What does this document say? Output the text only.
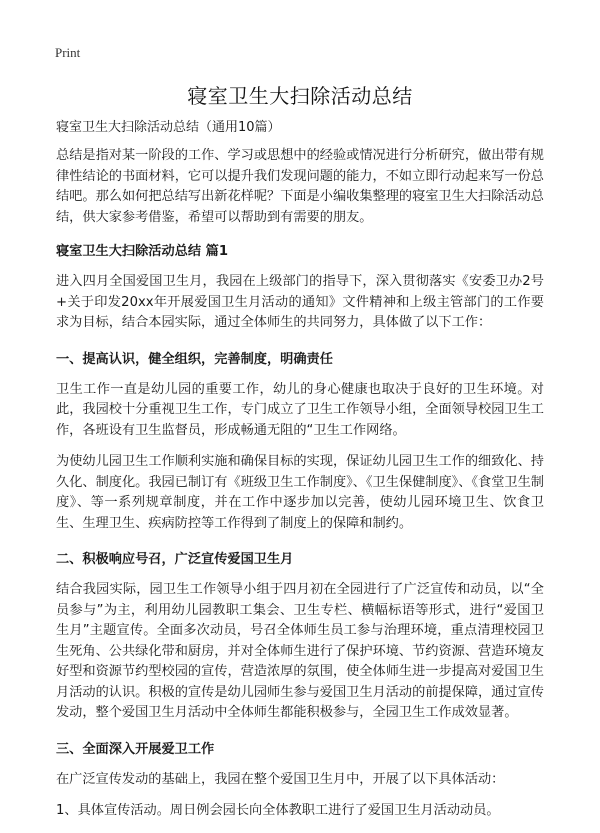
Print
寝室卫生大扫除活动总结
寝室卫生大扫除活动总结（通用10篇）

总结是指对某一阶段的工作、学习或思想中的经验或情况进行分析研究，做出带有规律性结论的书面材料，它可以提升我们发现问题的能力，不如立即行动起来写一份总结吧。那么如何把总结写出新花样呢？下面是小编收集整理的寝室卫生大扫除活动总结，供大家参考借鉴，希望可以帮助到有需要的朋友。

寝室卫生大扫除活动总结 篇1

进入四月全国爱国卫生月，我园在上级部门的指导下，深入贯彻落实《安委卫办2号+关于印发20xx年开展爱国卫生月活动的通知》文件精神和上级主管部门的工作要求为目标，结合本园实际，通过全体师生的共同努力，具体做了以下工作：

一、提高认识，健全组织，完善制度，明确责任

卫生工作一直是幼儿园的重要工作，幼儿的身心健康也取决于良好的卫生环境。对此，我园校十分重视卫生工作，专门成立了卫生工作领导小组，全面领导校园卫生工作，各班设有卫生监督员，形成畅通无阻的“卫生工作网络。

为使幼儿园卫生工作顺利实施和确保目标的实现，保证幼儿园卫生工作的细致化、持久化、制度化。我园已制订有《班级卫生工作制度》、《卫生保健制度》、《食堂卫生制度》、等一系列规章制度，并在工作中逐步加以完善，使幼儿园环境卫生、饮食卫生、生理卫生、疾病防控等工作得到了制度上的保障和制约。

二、积极响应号召，广泛宣传爱国卫生月

结合我园实际，园卫生工作领导小组于四月初在全园进行了广泛宣传和动员，以“全员参与”为主，利用幼儿园教职工集会、卫生专栏、横幅标语等形式，进行“爱国卫生月”主题宣传。全面多次动员，号召全体师生员工参与治理环境，重点清理校园卫生死角、公共绿化带和厨房，并对全体师生进行了保护环境、节约资源、营造环境友好型和资源节约型校园的宣传，营造浓厚的氛围，使全体师生进一步提高对爱国卫生月活动的认识。积极的宣传是幼儿园师生参与爱国卫生月活动的前提保障，通过宣传发动，整个爱国卫生月活动中全体师生都能积极参与，全园卫生工作成效显著。

三、全面深入开展爱卫工作

在广泛宣传发动的基础上，我园在整个爱国卫生月中，开展了以下具体活动：

1、具体宣传活动。周日例会园长向全体教职工进行了爱国卫生月活动动员。
